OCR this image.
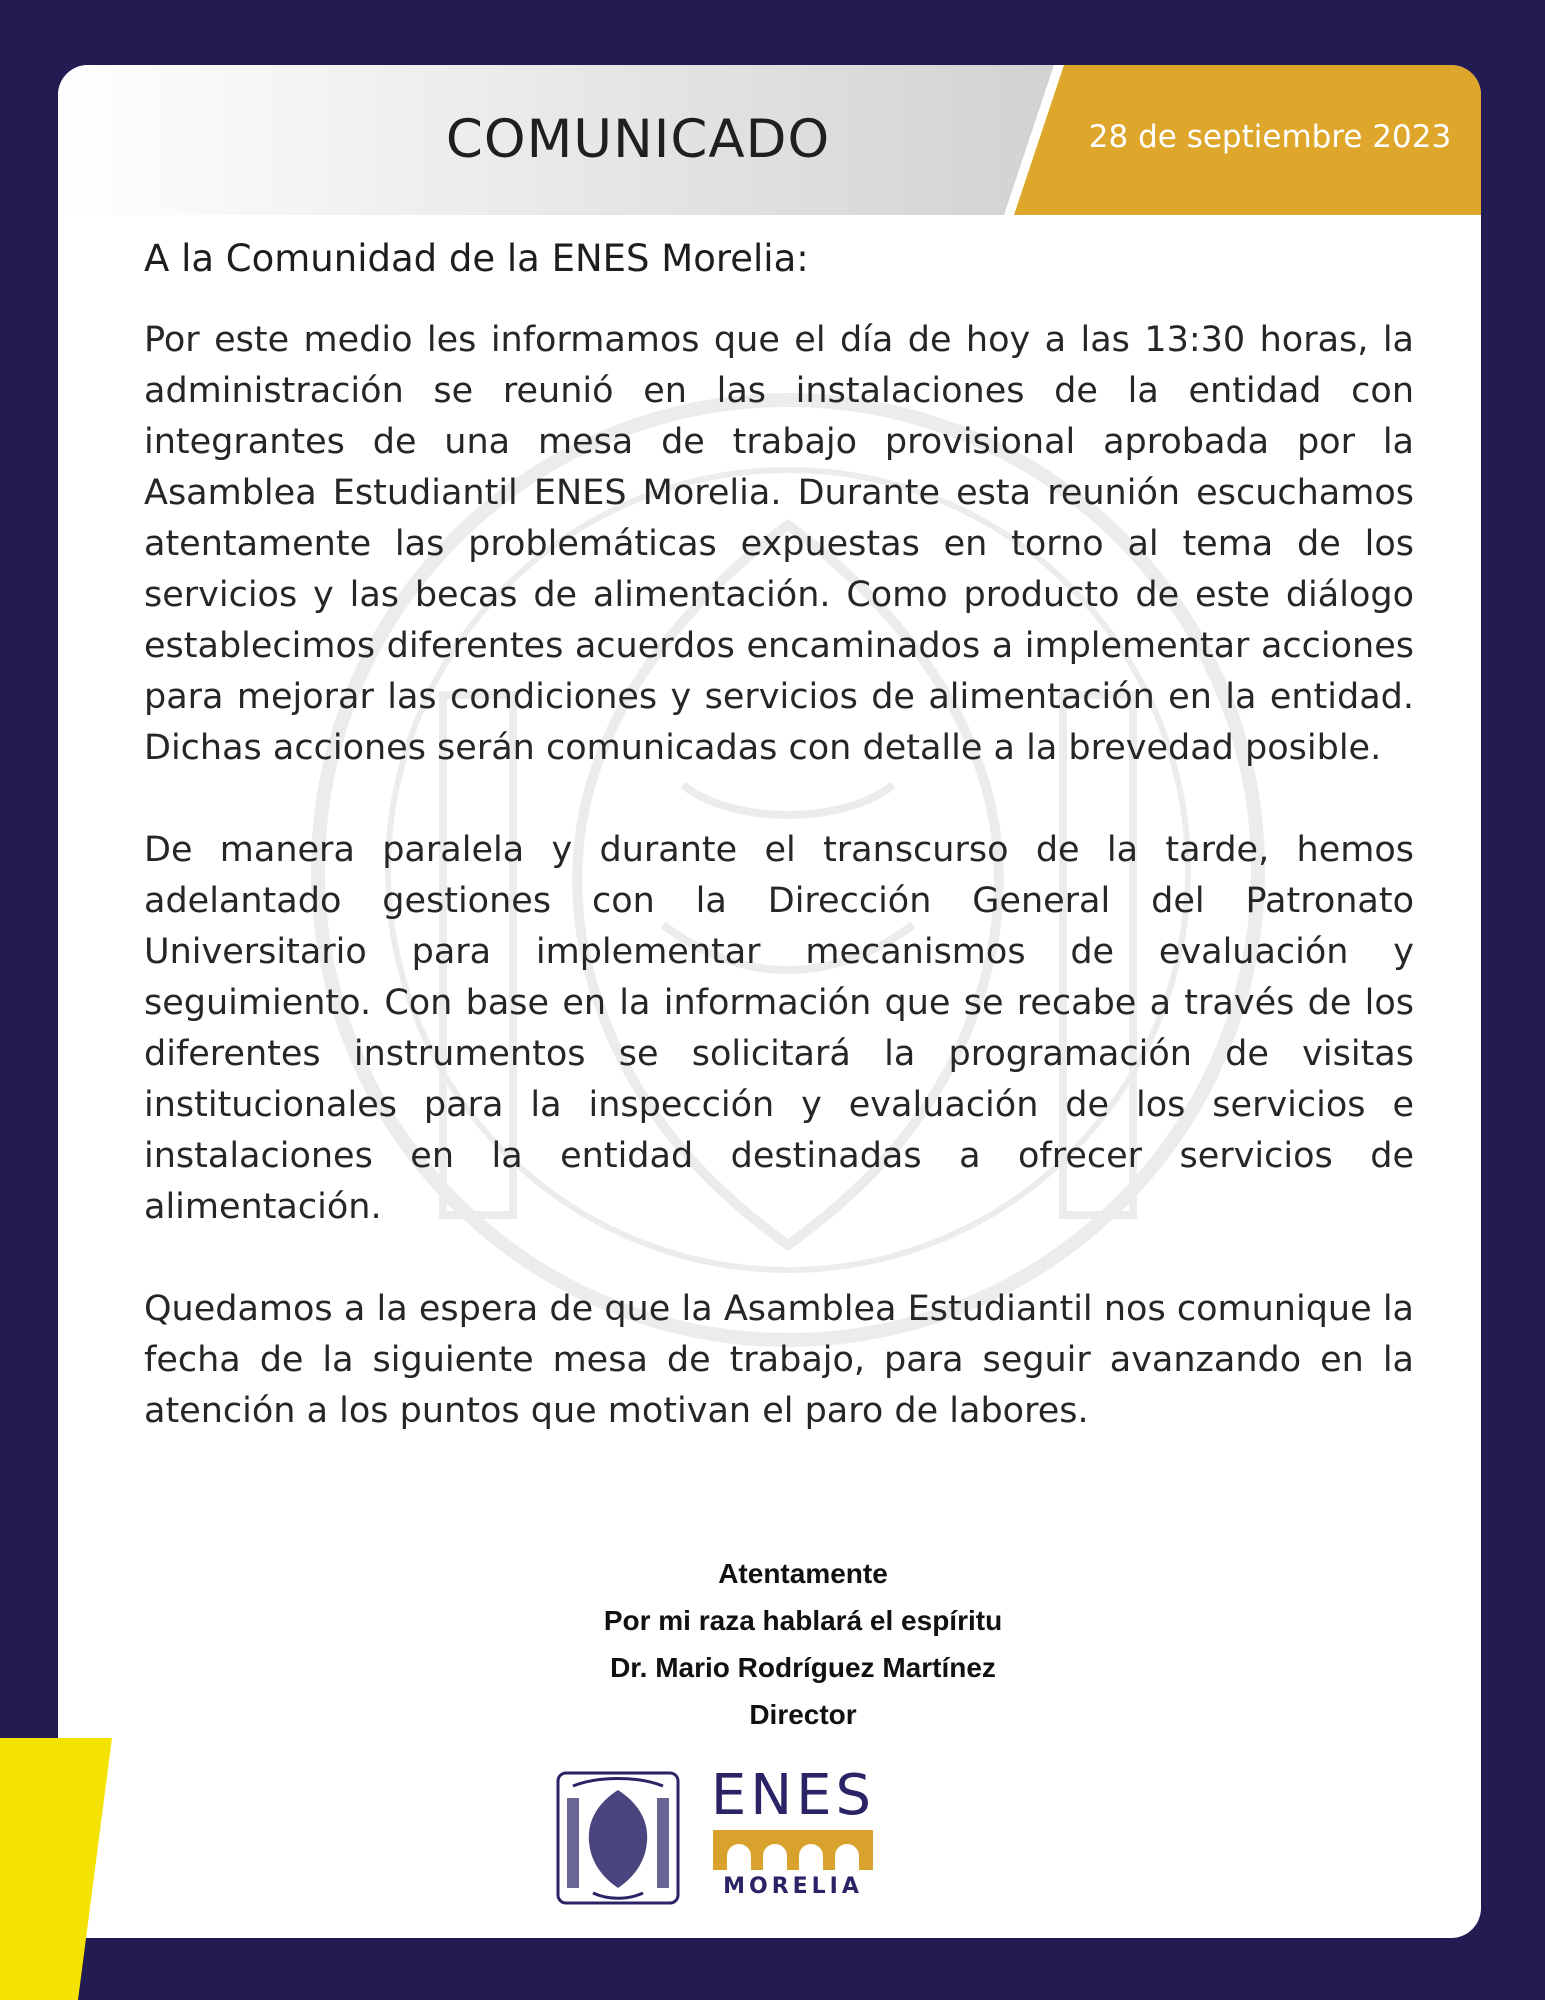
COMUNICADO	28 de septiembre 2023
A la Comunidad de la ENES Morelia:

Por este medio les informamos que el día de hoy a las 13:30 horas, la administración se reunió en las instalaciones de la entidad con integrantes de una mesa de trabajo provisional aprobada por la Asamblea Estudiantil ENES Morelia. Durante esta reunión escuchamos atentamente las problemáticas expuestas en torno al tema de los servicios y las becas de alimentación. Como producto de este diálogo establecimos diferentes acuerdos encaminados a implementar acciones para mejorar las condiciones y servicios de alimentación en la entidad. Dichas acciones serán comunicadas con detalle a la brevedad posible.

De manera paralela y durante el transcurso de la tarde, hemos adelantado gestiones con la Dirección General del Patronato Universitario para implementar mecanismos de evaluación y seguimiento. Con base en la información que se recabe a través de los diferentes instrumentos se solicitará la programación de visitas institucionales para la inspección y evaluación de los servicios e instalaciones en la entidad destinadas a ofrecer servicios de alimentación.

Quedamos a la espera de que la Asamblea Estudiantil nos comunique la fecha de la siguiente mesa de trabajo, para seguir avanzando en la atención a los puntos que motivan el paro de labores.

Atentamente
Por mi raza hablará el espíritu
Dr. Mario Rodríguez Martínez
Director
ENES
MORELIA
